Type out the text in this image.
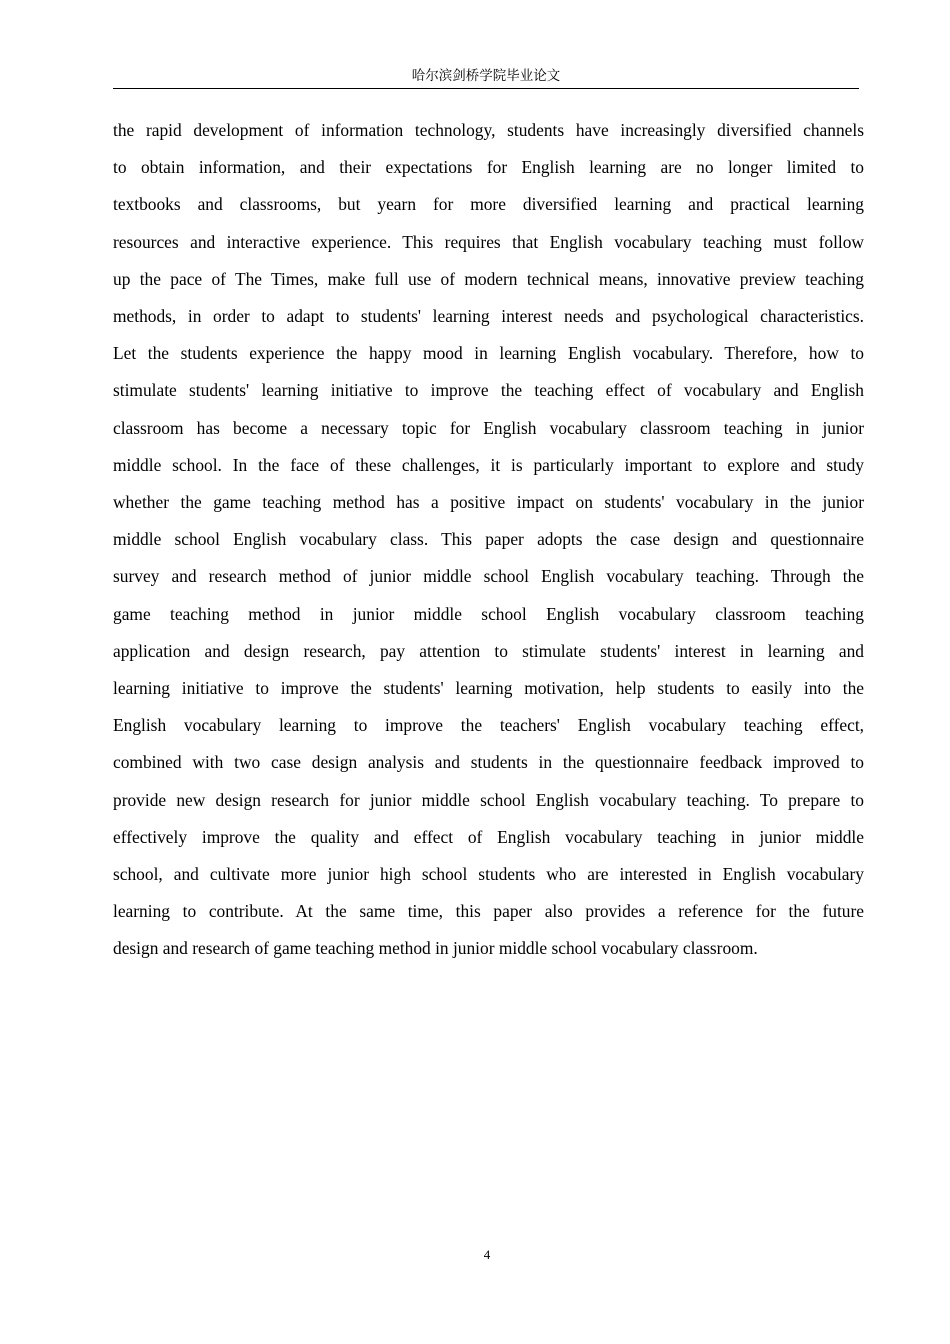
哈尔滨剑桥学院毕业论文
the rapid development of information technology, students have increasingly diversified channels
to obtain information, and their expectations for English learning are no longer limited to
textbooks and classrooms, but yearn for more diversified learning and practical learning
resources and interactive experience. This requires that English vocabulary teaching must follow
up the pace of The Times, make full use of modern technical means, innovative preview teaching
methods, in order to adapt to students' learning interest needs and psychological characteristics.
Let the students experience the happy mood in learning English vocabulary. Therefore, how to
stimulate students' learning initiative to improve the teaching effect of vocabulary and English
classroom has become a necessary topic for English vocabulary classroom teaching in junior
middle school. In the face of these challenges, it is particularly important to explore and study
whether the game teaching method has a positive impact on students' vocabulary in the junior
middle school English vocabulary class. This paper adopts the case design and questionnaire
survey and research method of junior middle school English vocabulary teaching. Through the
game teaching method in junior middle school English vocabulary classroom teaching
application and design research, pay attention to stimulate students' interest in learning and
learning initiative to improve the students' learning motivation, help students to easily into the
English vocabulary learning to improve the teachers' English vocabulary teaching effect,
combined with two case design analysis and students in the questionnaire feedback improved to
provide new design research for junior middle school English vocabulary teaching. To prepare to
effectively improve the quality and effect of English vocabulary teaching in junior middle
school, and cultivate more junior high school students who are interested in English vocabulary
learning to contribute. At the same time, this paper also provides a reference for the future
design and research of game teaching method in junior middle school vocabulary classroom.
4
